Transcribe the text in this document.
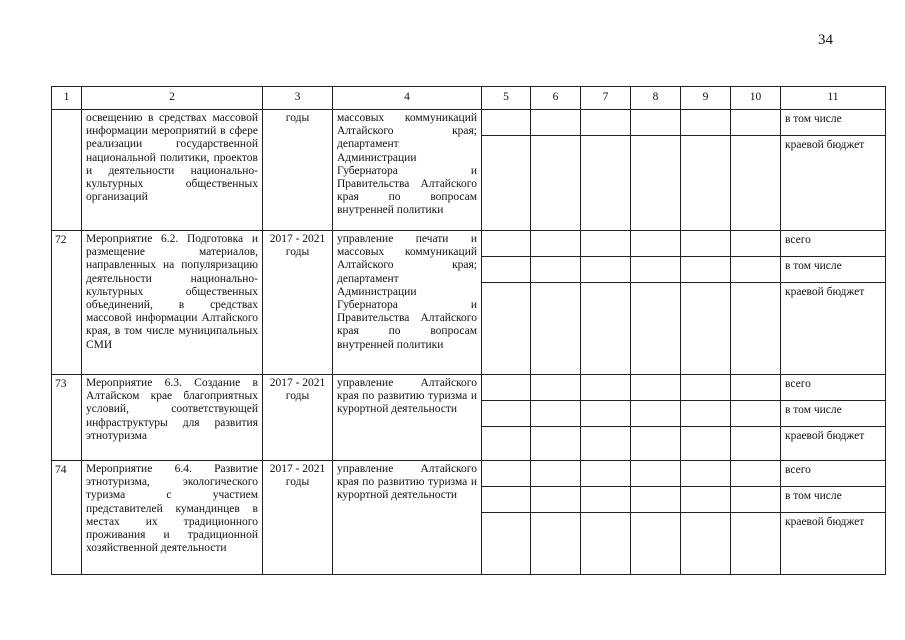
34
1	2	3	4	5	6	7	8	9	10	11
	освещению в средствах массовой информации мероприятий в сфере реализации государственной национальной политики, проектов и деятельности национально-культурных общественных организаций	годы	массовых коммуникаций Алтайского края; департамент Администрации Губернатора и Правительства Алтайского края по вопросам внутренней политики							в том числе
										краевой бюджет
72	Мероприятие 6.2. Подготовка и размещение материалов, направленных на популяризацию деятельности национально-культурных общественных объединений, в средствах массовой информации Алтайского края, в том числе муниципальных СМИ	2017 - 2021 годы	управление печати и массовых коммуникаций Алтайского края; департамент Администрации Губернатора и Правительства Алтайского края по вопросам внутренней политики							всего
										в том числе
										краевой бюджет
73	Мероприятие 6.3. Создание в Алтайском крае благоприятных условий, соответствующей инфраструктуры для развития этнотуризма	2017 - 2021 годы	управление Алтайского края по развитию туризма и курортной деятельности							всего
										в том числе
										краевой бюджет
74	Мероприятие 6.4. Развитие этнотуризма, экологического туризма с участием представителей кумандинцев в местах их традиционного проживания и традиционной хозяйственной деятельности	2017 - 2021 годы	управление Алтайского края по развитию туризма и курортной деятельности							всего
										в том числе
										краевой бюджет
